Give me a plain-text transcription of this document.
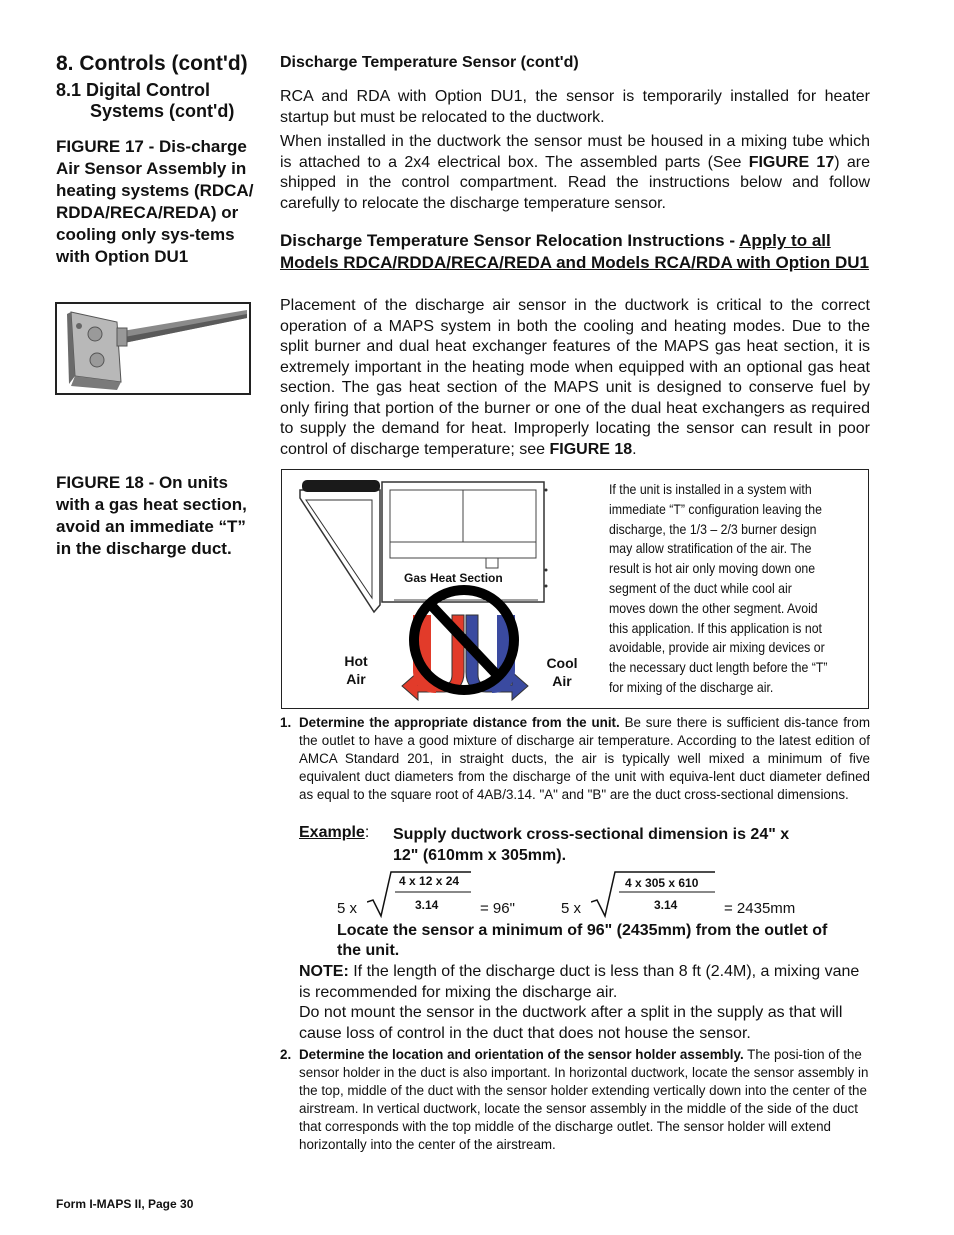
8. Controls (cont'd)
8.1 Digital Control
Systems (cont'd)
FIGURE 17 - Dis-charge Air Sensor Assembly in heating systems (RDCA/ RDDA/RECA/REDA) or cooling only sys-tems with Option DU1
FIGURE 18 - On units with a gas heat section, avoid an immediate “T” in the discharge duct.
Form I-MAPS II, Page 30
Discharge Temperature Sensor (cont'd)
RCA and RDA with Option DU1, the sensor is temporarily installed for heater startup but must be relocated to the ductwork.
When installed in the ductwork the sensor must be housed in a mixing tube which is attached to a 2x4 electrical box. The assembled parts (See FIGURE 17) are shipped in the control compartment. Read the instructions below and follow carefully to relocate the discharge temperature sensor.
Discharge Temperature Sensor Relocation Instructions - Apply to all Models RDCA/RDDA/RECA/REDA and Models RCA/RDA with Option DU1
Placement of the discharge air sensor in the ductwork is critical to the correct operation of a MAPS system in both the cooling and heating modes. Due to the split burner and dual heat exchanger features of the MAPS gas heat section, it is extremely important in the heating mode when equipped with an optional gas heat section. The gas heat section of the MAPS unit is designed to conserve fuel by only firing that portion of the burner or one of the dual heat exchangers as required to supply the demand for heat. Improperly locating the sensor can result in poor control of discharge temperature; see FIGURE 18.
Gas Heat Section
Hot
Air
Cool
Air
If the unit is installed in a system with immediate “T” configuration leaving the discharge, the 1/3 – 2/3 burner design may allow stratification of the air. The result is hot air only moving down one segment of the duct while cool air moves down the other segment. Avoid this application. If this application is not avoidable, provide air mixing devices or the necessary duct length before the “T” for mixing of the discharge air.
1. Determine the appropriate distance from the unit. Be sure there is sufficient dis-tance from the outlet to have a good mixture of discharge air temperature. According to the latest edition of AMCA Standard 201, in straight ducts, the air is typically well mixed a minimum of five equivalent duct diameters from the discharge of the unit with equiva-lent duct diameter defined as equal to the square root of 4AB/3.14. "A" and "B" are the duct cross-sectional dimensions.
Example: Supply ductwork cross-sectional dimension is 24" x 12" (610mm x 305mm).
5 x
4 x 12 x 24
3.14	= 96"	5 x
4 x 305 x 610
3.14	= 2435mm
Locate the sensor a minimum of 96" (2435mm) from the outlet of the unit.
NOTE: If the length of the discharge duct is less than 8 ft (2.4M), a mixing vane is recommended for mixing the discharge air.
Do not mount the sensor in the ductwork after a split in the supply as that will cause loss of control in the duct that does not house the sensor.
2. Determine the location and orientation of the sensor holder assembly. The posi-tion of the sensor holder in the duct is also important. In horizontal ductwork, locate the sensor assembly in the top, middle of the duct with the sensor holder extending vertically down into the center of the airstream. In vertical ductwork, locate the sensor assembly in the middle of the side of the duct that corresponds with the top middle of the discharge outlet. The sensor holder will extend horizontally into the center of the airstream.
